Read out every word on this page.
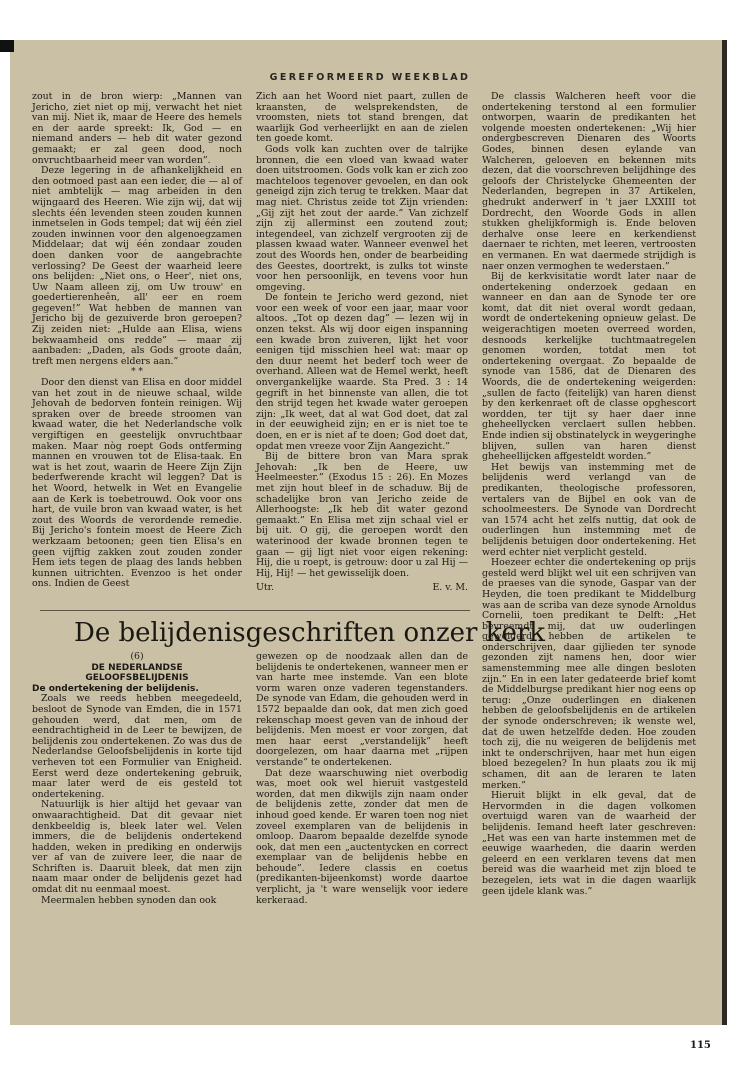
GEREFORMEERD WEEKBLAD

zout in de bron wierp: „Mannen van Jericho, ziet niet op mij, verwacht het niet van mij. Niet ik, maar de Heere des hemels en der aarde spreekt: Ik, God — en niemand anders — heb dit water gezond gemaakt; er zal geen dood, noch onvruchtbaarheid meer van worden”.

Deze legering in de afhankelijkheid en den ootmoed past aan een ieder, die — al of niet ambtelijk — mag arbeiden in den wijngaard des Heeren. Wie zijn wij, dat wij slechts één levenden steen zouden kunnen inmetselen in Gods tempel; dat wij één ziel zouden inwinnen voor den algenoegzamen Middelaar; dat wij één zondaar zouden doen danken voor de aangebrachte verlossing? De Geest der waarheid leere ons belijden: „Niet ons, o Heer', niet ons, Uw Naam alleen zij, om Uw trouw' en goedertierenheên, all' eer en roem gegeven!” Wat hebben de mannen van Jericho bij de gezuiverde bron geroepen? Zij zeiden niet: „Hulde aan Elisa, wiens bekwaamheid ons redde” — maar zij aanbaden: „Daden, als Gods groote daân, treft men nergens elders aan.”

* *

Door den dienst van Elisa en door middel van het zout in de nieuwe schaal, wilde Jehovah de bedorven fontein reinigen. Wij spraken over de breede stroomen van kwaad water, die het Nederlandsche volk vergiftigen en geestelijk onvruchtbaar maken. Maar nòg roept Gods ontferming mannen en vrouwen tot de Elisa-taak. En wat is het zout, waarin de Heere Zijn Zijn bederfwerende kracht wil leggen? Dat is het Woord, hetwelk in Wet en Evangelie aan de Kerk is toebetrouwd. Ook voor ons hart, de vuile bron van kwaad water, is het zout des Woords de verordende remedie. Bij Jericho's fontein moest de Heere Zich werkzaam betoonen; geen tien Elisa's en geen vijftig zakken zout zouden zonder Hem iets tegen de plaag des lands hebben kunnen uitrichten. Evenzoo is het onder ons. Indien de Geest

Zich aan het Woord niet paart, zullen de kraansten, de welsprekendsten, de vroomsten, niets tot stand brengen, dat waarlijk God verheerlijkt en aan de zielen ten goede komt.

Gods volk kan zuchten over de talrijke bronnen, die een vloed van kwaad water doen uitstroomen. Gods volk kan er zich zoo machteloos tegenover gevoelen, en dan ook geneigd zijn zich terug te trekken. Maar dat mag niet. Christus zeide tot Zijn vrienden: „Gij zijt het zout der aarde.” Van zichzelf zijn zij allerminst een zoutend zout; integendeel, van zichzelf vergrooten zij de plassen kwaad water. Wanneer evenwel het zout des Woords hen, onder de bearbeiding des Geestes, doortrekt, is zulks tot winste voor hen persoonlijk, en tevens voor hun omgeving.

De fontein te Jericho werd gezond, niet voor een week of voor een jaar, maar voor altoos. „Tot op dezen dag” — lezen wij in onzen tekst. Als wij door eigen inspanning een kwade bron zuiveren, lijkt het voor eenigen tijd misschien heel wat: maar op den duur neemt het bederf toch weer de overhand. Alleen wat de Hemel werkt, heeft onvergankelijke waarde. Sta Pred. 3 : 14 gegrift in het binnenste van allen, die tot den strijd tegen het kwade water geroepen zijn: „Ik weet, dat al wat God doet, dat zal in der eeuwigheid zijn; en er is niet toe te doen, en er is niet af te doen; God doet dat, opdat men vreeze voor Zijn Aangezicht.”

Bij de bittere bron van Mara sprak Jehovah: „Ik ben de Heere, uw Heelmeester.” (Exodus 15 : 26). En Mozes met zijn hout bleef in de schaduw. Bij de schadelijke bron van Jericho zeide de Allerhoogste: „Ik heb dit water gezond gemaakt.” En Elisa met zijn schaal viel er bij uit. O gij, die geroepen wordt den waterinood der kwade bronnen tegen te gaan — gij ligt niet voor eigen rekening: Hij, die u roept, is getrouw: door u zal Hij — Hij, Hij! — het gewisselijk doen.

Utr.	E. v. M.

De belijdenisgeschriften onzer kerk

(6)

DE NEDERLANDSE

GELOOFSBELIJDENIS

De ondertekening der belijdenis.

Zoals we reeds hebben meegedeeld, besloot de Synode van Emden, die in 1571 gehouden werd, dat men, om de eendrachtigheid in de Leer te bewijzen, de belijdenis zou ondertekenen. Zo was dus de Nederlandse Geloofsbelijdenis in korte tijd verheven tot een Formulier van Enigheid. Eerst werd deze ondertekening gebruik, maar later werd de eis gesteld tot ondertekening.

Natuurlijk is hier altijd het gevaar van onwaarachtigheid. Dat dit gevaar niet denkbeeldig is, bleek later wel. Velen immers, die de belijdenis ondertekend hadden, weken in prediking en onderwijs ver af van de zuivere leer, die naar de Schriften is. Daaruit bleek, dat men zijn naam maar onder de belijdenis gezet had omdat dit nu eenmaal moest.

Meermalen hebben synoden dan ook

gewezen op de noodzaak allen dan de belijdenis te ondertekenen, wanneer men er van harte mee instemde. Van een blote vorm waren onze vaderen tegenstanders. De synode van Edam, die gehouden werd in 1572 bepaalde dan ook, dat men zich goed rekenschap moest geven van de inhoud der belijdenis. Men moest er voor zorgen, dat men haar eerst „verstandelijk” heeft doorgelezen, om haar daarna met „rijpen verstande” te ondertekenen.

Dat deze waarschuwing niet overbodig was, moet ook wel hieruit vastgesteld worden, dat men dikwijls zijn naam onder de belijdenis zette, zonder dat men de inhoud goed kende. Er waren toen nog niet zoveel exemplaren van de belijdenis in omloop. Daarom bepaalde dezelfde synode ook, dat men een „auctentycken en correct exemplaar van de belijdenis hebbe en behoude”. Iedere classis en coetus (predikanten-bijeenkomst) worde daartoe verplicht, ja 't ware wenselijk voor iedere kerkeraad.

De classis Walcheren heeft voor die ondertekening terstond al een formulier ontworpen, waarin de predikanten het volgende moesten ondertekenen: „Wij hier ondergbescreven Dienaren des Woorts Godes, binnen desen eylande van Walcheren, geloeven en bekennen mits dezen, dat die voorschreven belijdhinge des geloofs der Christelycke Ghemeenten der Nederlanden, begrepen in 37 Artikelen, ghedrukt anderwerf in 't jaer LXXIII tot Dordrecht, den Woorde Gods in allen stukken ghelijkformigh is. Ende beloven derhalve onse leere en kerkendienst daernaer te richten, met leeren, vertroosten en vermanen. En wat daermede strijdigh is naer onzen vermoghen te wederstaen.”

Bij de kerkvisitatie wordt later naar de ondertekening onderzoek gedaan en wanneer en dan aan de Synode ter ore komt, dat dit niet overal wordt gedaan, wordt de ondertekening opnieuw gelast. De weigerachtigen moeten overreed worden, desnoods kerkelijke tuchtmaatregelen genomen worden, totdat men tot ondertekening overgaat. Zo bepaalde de synode van 1586, dat de Dienaren des Woords, die de ondertekening weigerden: „sullen de facto (feitelijk) van haren dienst by den kerkenraet oft de classe opghescort wordden, ter tijt sy haer daer inne gheheellycken verclaert sullen hebben. Ende indien sij obstinatelyck in weygeringhe blijven, sullen van haren dienst gheheellijcken affgesteldt worden.”

Het bewijs van instemming met de belijdenis werd verlangd van de predikanten, theologische professoren, vertalers van de Bijbel en ook van de schoolmeesters. De Synode van Dordrecht van 1574 acht het zelfs nuttig, dat ook de ouderlingen hun instemming met de belijdenis betuigen door ondertekening. Het werd echter niet verplicht gesteld.

Hoezeer echter die ondertekening op prijs gesteld werd blijkt wel uit een schrijven van de praeses van die synode, Gaspar van der Heyden, die toen predikant te Middelburg was aan de scriba van deze synode Arnoldus Cornelii, toen predikant te Delft: „Het bevreemdt mij, dat uw ouderlingen geweigerd hebben de artikelen te onderschrijven, daar gijlieden ter synode gezonden zijt namens hen, door wier samenstemming mee alle dingen besloten zijn.” En in een later gedateerde brief komt de Middelburgse predikant hier nog eens op terug: „Onze ouderlingen en diakenen hebben de geloofsbelijdenis en de artikelen der synode onderschreven; ik wenste wel, dat de uwen hetzelfde deden. Hoe zouden toch zij, die nu weigeren de belijdenis met inkt te onderschrijven, haar met hun eigen bloed bezegelen? In hun plaats zou ik mij schamen, dit aan de leraren te laten merken.”

Hieruit blijkt in elk geval, dat de Hervormden in die dagen volkomen overtuigd waren van de waarheid der belijdenis. Iemand heeft later geschreven: „Het was een van harte instemmen met de eeuwige waarheden, die daarin werden geleerd en een verklaren tevens dat men bereid was die waarheid met zijn bloed te bezegelen, iets wat in die dagen waarlijk geen ijdele klank was.”

115
